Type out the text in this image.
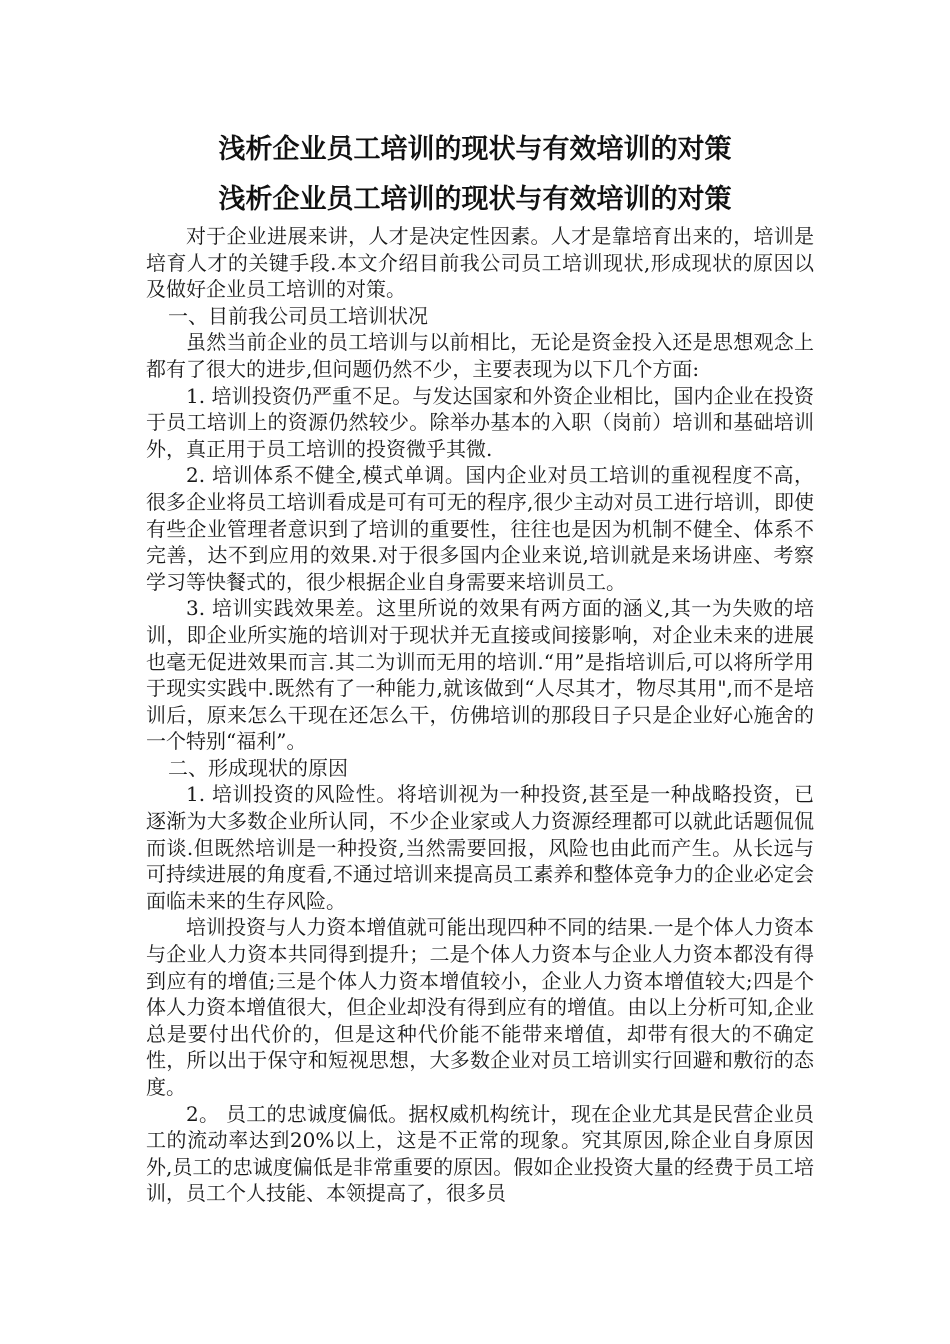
浅析企业员工培训的现状与有效培训的对策
浅析企业员工培训的现状与有效培训的对策

对于企业进展来讲，人才是决定性因素。人才是靠培育出来的，培训是培育人才的关键手段.本文介绍目前我公司员工培训现状,形成现状的原因以及做好企业员工培训的对策。

一、目前我公司员工培训状况

虽然当前企业的员工培训与以前相比，无论是资金投入还是思想观念上都有了很大的进步,但问题仍然不少，主要表现为以下几个方面:

1. 培训投资仍严重不足。与发达国家和外资企业相比，国内企业在投资于员工培训上的资源仍然较少。除举办基本的入职（岗前）培训和基础培训外，真正用于员工培训的投资微乎其微.

2. 培训体系不健全,模式单调。国内企业对员工培训的重视程度不高，很多企业将员工培训看成是可有可无的程序,很少主动对员工进行培训，即使有些企业管理者意识到了培训的重要性，往往也是因为机制不健全、体系不完善，达不到应用的效果.对于很多国内企业来说,培训就是来场讲座、考察学习等快餐式的，很少根据企业自身需要来培训员工。

3. 培训实践效果差。这里所说的效果有两方面的涵义,其一为失败的培训，即企业所实施的培训对于现状并无直接或间接影响，对企业未来的进展也毫无促进效果而言.其二为训而无用的培训.“用”是指培训后,可以将所学用于现实实践中.既然有了一种能力,就该做到“人尽其才，物尽其用",而不是培训后，原来怎么干现在还怎么干，仿佛培训的那段日子只是企业好心施舍的一个特别“福利”。

二、形成现状的原因

1. 培训投资的风险性。将培训视为一种投资,甚至是一种战略投资，已逐渐为大多数企业所认同，不少企业家或人力资源经理都可以就此话题侃侃而谈.但既然培训是一种投资,当然需要回报，风险也由此而产生。从长远与可持续进展的角度看,不通过培训来提高员工素养和整体竞争力的企业必定会面临未来的生存风险。

培训投资与人力资本增值就可能出现四种不同的结果.一是个体人力资本与企业人力资本共同得到提升；二是个体人力资本与企业人力资本都没有得到应有的增值;三是个体人力资本增值较小，企业人力资本增值较大;四是个体人力资本增值很大，但企业却没有得到应有的增值。由以上分析可知,企业总是要付出代价的，但是这种代价能不能带来增值，却带有很大的不确定性，所以出于保守和短视思想，大多数企业对员工培训实行回避和敷衍的态度。

2。 员工的忠诚度偏低。据权威机构统计，现在企业尤其是民营企业员工的流动率达到20%以上，这是不正常的现象。究其原因,除企业自身原因外,员工的忠诚度偏低是非常重要的原因。假如企业投资大量的经费于员工培训，员工个人技能、本领提高了，很多员
